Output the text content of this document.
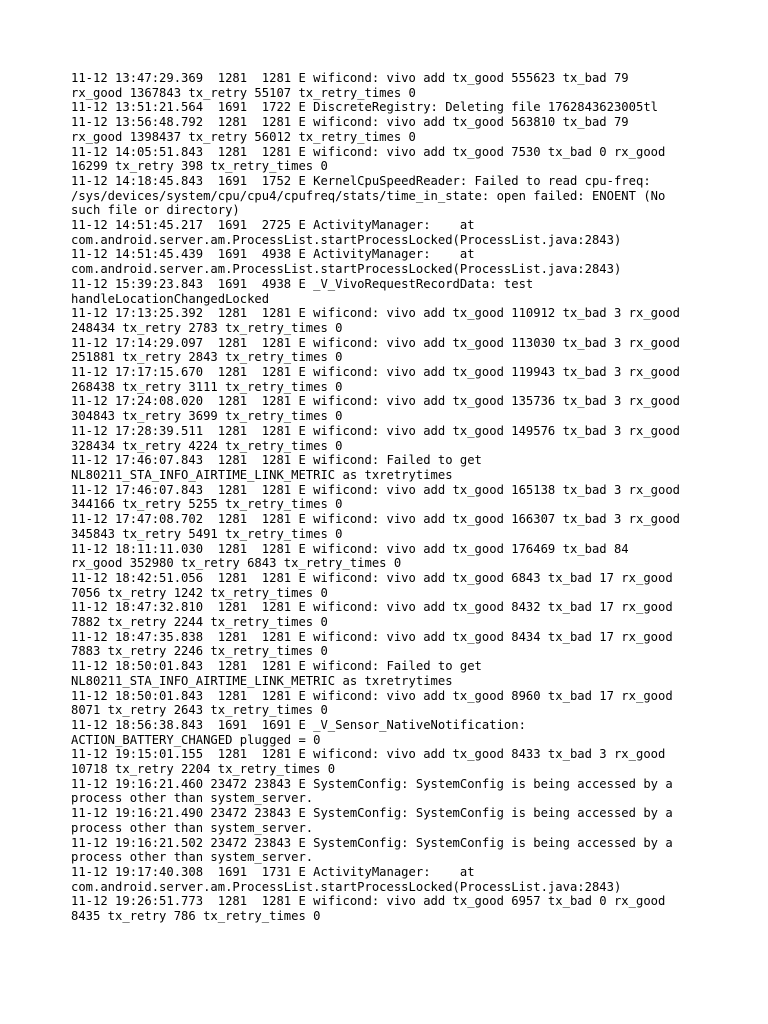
11-12 13:47:29.369  1281  1281 E wificond: vivo add tx_good 555623 tx_bad 79
rx_good 1367843 tx_retry 55107 tx_retry_times 0

11-12 13:51:21.564  1691  1722 E DiscreteRegistry: Deleting file 1762843623005tl

11-12 13:56:48.792  1281  1281 E wificond: vivo add tx_good 563810 tx_bad 79
rx_good 1398437 tx_retry 56012 tx_retry_times 0

11-12 14:05:51.843  1281  1281 E wificond: vivo add tx_good 7530 tx_bad 0 rx_good
16299 tx_retry 398 tx_retry_times 0

11-12 14:18:45.843  1691  1752 E KernelCpuSpeedReader: Failed to read cpu-freq:
/sys/devices/system/cpu/cpu4/cpufreq/stats/time_in_state: open failed: ENOENT (No
such file or directory)

11-12 14:51:45.217  1691  2725 E ActivityManager:    at
com.android.server.am.ProcessList.startProcessLocked(ProcessList.java:2843)

11-12 14:51:45.439  1691  4938 E ActivityManager:    at
com.android.server.am.ProcessList.startProcessLocked(ProcessList.java:2843)

11-12 15:39:23.843  1691  4938 E _V_VivoRequestRecordData: test
handleLocationChangedLocked

11-12 17:13:25.392  1281  1281 E wificond: vivo add tx_good 110912 tx_bad 3 rx_good
248434 tx_retry 2783 tx_retry_times 0

11-12 17:14:29.097  1281  1281 E wificond: vivo add tx_good 113030 tx_bad 3 rx_good
251881 tx_retry 2843 tx_retry_times 0

11-12 17:17:15.670  1281  1281 E wificond: vivo add tx_good 119943 tx_bad 3 rx_good
268438 tx_retry 3111 tx_retry_times 0

11-12 17:24:08.020  1281  1281 E wificond: vivo add tx_good 135736 tx_bad 3 rx_good
304843 tx_retry 3699 tx_retry_times 0

11-12 17:28:39.511  1281  1281 E wificond: vivo add tx_good 149576 tx_bad 3 rx_good
328434 tx_retry 4224 tx_retry_times 0

11-12 17:46:07.843  1281  1281 E wificond: Failed to get
NL80211_STA_INFO_AIRTIME_LINK_METRIC as txretrytimes

11-12 17:46:07.843  1281  1281 E wificond: vivo add tx_good 165138 tx_bad 3 rx_good
344166 tx_retry 5255 tx_retry_times 0

11-12 17:47:08.702  1281  1281 E wificond: vivo add tx_good 166307 tx_bad 3 rx_good
345843 tx_retry 5491 tx_retry_times 0

11-12 18:11:11.030  1281  1281 E wificond: vivo add tx_good 176469 tx_bad 84
rx_good 352980 tx_retry 6843 tx_retry_times 0

11-12 18:42:51.056  1281  1281 E wificond: vivo add tx_good 6843 tx_bad 17 rx_good
7056 tx_retry 1242 tx_retry_times 0

11-12 18:47:32.810  1281  1281 E wificond: vivo add tx_good 8432 tx_bad 17 rx_good
7882 tx_retry 2244 tx_retry_times 0

11-12 18:47:35.838  1281  1281 E wificond: vivo add tx_good 8434 tx_bad 17 rx_good
7883 tx_retry 2246 tx_retry_times 0

11-12 18:50:01.843  1281  1281 E wificond: Failed to get
NL80211_STA_INFO_AIRTIME_LINK_METRIC as txretrytimes

11-12 18:50:01.843  1281  1281 E wificond: vivo add tx_good 8960 tx_bad 17 rx_good
8071 tx_retry 2643 tx_retry_times 0

11-12 18:56:38.843  1691  1691 E _V_Sensor_NativeNotification:
ACTION_BATTERY_CHANGED plugged = 0

11-12 19:15:01.155  1281  1281 E wificond: vivo add tx_good 8433 tx_bad 3 rx_good
10718 tx_retry 2204 tx_retry_times 0

11-12 19:16:21.460 23472 23843 E SystemConfig: SystemConfig is being accessed by a
process other than system_server.

11-12 19:16:21.490 23472 23843 E SystemConfig: SystemConfig is being accessed by a
process other than system_server.

11-12 19:16:21.502 23472 23843 E SystemConfig: SystemConfig is being accessed by a
process other than system_server.

11-12 19:17:40.308  1691  1731 E ActivityManager:    at
com.android.server.am.ProcessList.startProcessLocked(ProcessList.java:2843)

11-12 19:26:51.773  1281  1281 E wificond: vivo add tx_good 6957 tx_bad 0 rx_good
8435 tx_retry 786 tx_retry_times 0
